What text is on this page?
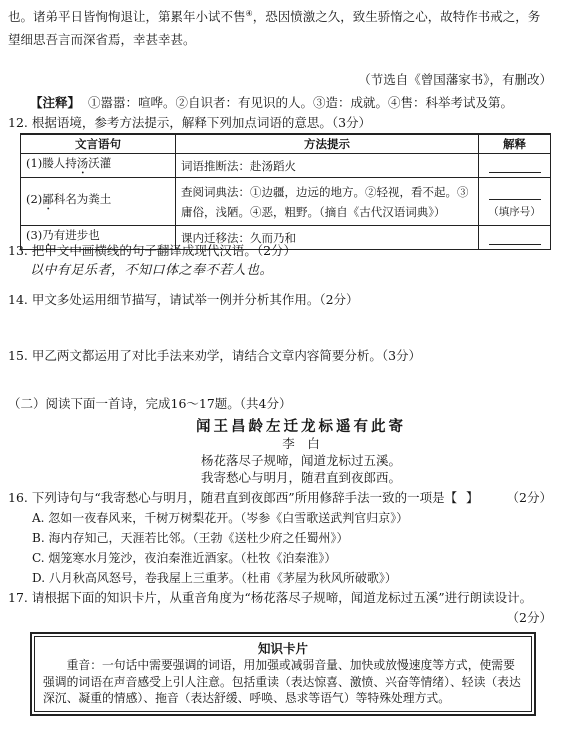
也。诸弟平日皆恂恂退让，第累年小试不售④，恐因愤激之久，致生骄惰之心，故特作书戒之，务
望细思吾言而深省焉，幸甚幸甚。
（节选自《曾国藩家书》，有删改）
【注释】 ①嚣嚣：喧哗。②自识者：有见识的人。③造：成就。④售：科举考试及第。
12. 根据语境，参考方法提示，解释下列加点词语的意思。（3分）
文言语句	方法提示	解释
(1)媵人持汤沃灌	词语推断法：赴汤蹈火	
(2)鄙科名为粪土	查阅词典法：①边疆，边远的地方。②轻视，看不起。③庸俗，浅陋。④恶，粗野。（摘自《古代汉语词典》）	（填序号）

(3)乃有进步也	课内迁移法：久而乃和	
13. 把甲文中画横线的句子翻译成现代汉语。（2分）
以中有足乐者，不知口体之奉不若人也。
14. 甲文多处运用细节描写，请试举一例并分析其作用。（2分）
15. 甲乙两文都运用了对比手法来劝学，请结合文章内容简要分析。（3分）
（二）阅读下面一首诗，完成16～17题。（共4分）
闻王昌龄左迁龙标遥有此寄
李　白
杨花落尽子规啼，闻道龙标过五溪。
我寄愁心与明月，随君直到夜郎西。
16. 下列诗句与“我寄愁心与明月，随君直到夜郎西”所用修辞手法一致的一项是【 】 （2分）
A. 忽如一夜春风来，千树万树梨花开。（岑参《白雪歌送武判官归京》）
B. 海内存知己，天涯若比邻。（王勃《送杜少府之任蜀州》）
C. 烟笼寒水月笼沙，夜泊秦淮近酒家。（杜牧《泊秦淮》）
D. 八月秋高风怒号，卷我屋上三重茅。（杜甫《茅屋为秋风所破歌》）
17. 请根据下面的知识卡片，从重音角度为“杨花落尽子规啼，闻道龙标过五溪”进行朗读设计。
（2分）
知识卡片

重音：一句话中需要强调的词语，用加强或减弱音量、加快或放慢速度等方式，使需要强调的词语在声音感受上引人注意。包括重读（表达惊喜、激愤、兴奋等情绪）、轻读（表达深沉、凝重的情感）、拖音（表达舒缓、呼唤、恳求等语气）等特殊处理方式。
